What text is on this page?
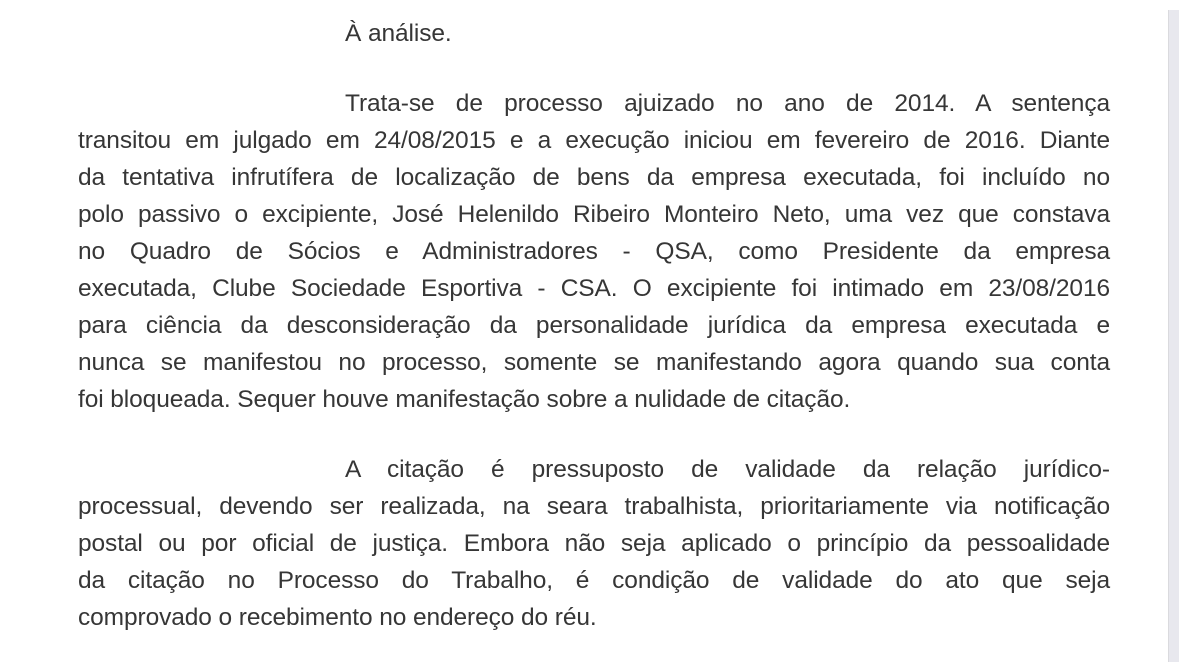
À análise.

Trata-se de processo ajuizado no ano de 2014. A sentença
transitou em julgado em 24/08/2015 e a execução iniciou em fevereiro de 2016. Diante
da tentativa infrutífera de localização de bens da empresa executada, foi incluído no
polo passivo o excipiente, José Helenildo Ribeiro Monteiro Neto, uma vez que constava
no Quadro de Sócios e Administradores - QSA, como Presidente da empresa
executada, Clube Sociedade Esportiva - CSA. O excipiente foi intimado em 23/08/2016
para ciência da desconsideração da personalidade jurídica da empresa executada e
nunca se manifestou no processo, somente se manifestando agora quando sua conta
foi bloqueada. Sequer houve manifestação sobre a nulidade de citação.

A citação é pressuposto de validade da relação jurídico-
processual, devendo ser realizada, na seara trabalhista, prioritariamente via notificação
postal ou por oficial de justiça. Embora não seja aplicado o princípio da pessoalidade
da citação no Processo do Trabalho, é condição de validade do ato que seja
comprovado o recebimento no endereço do réu.
